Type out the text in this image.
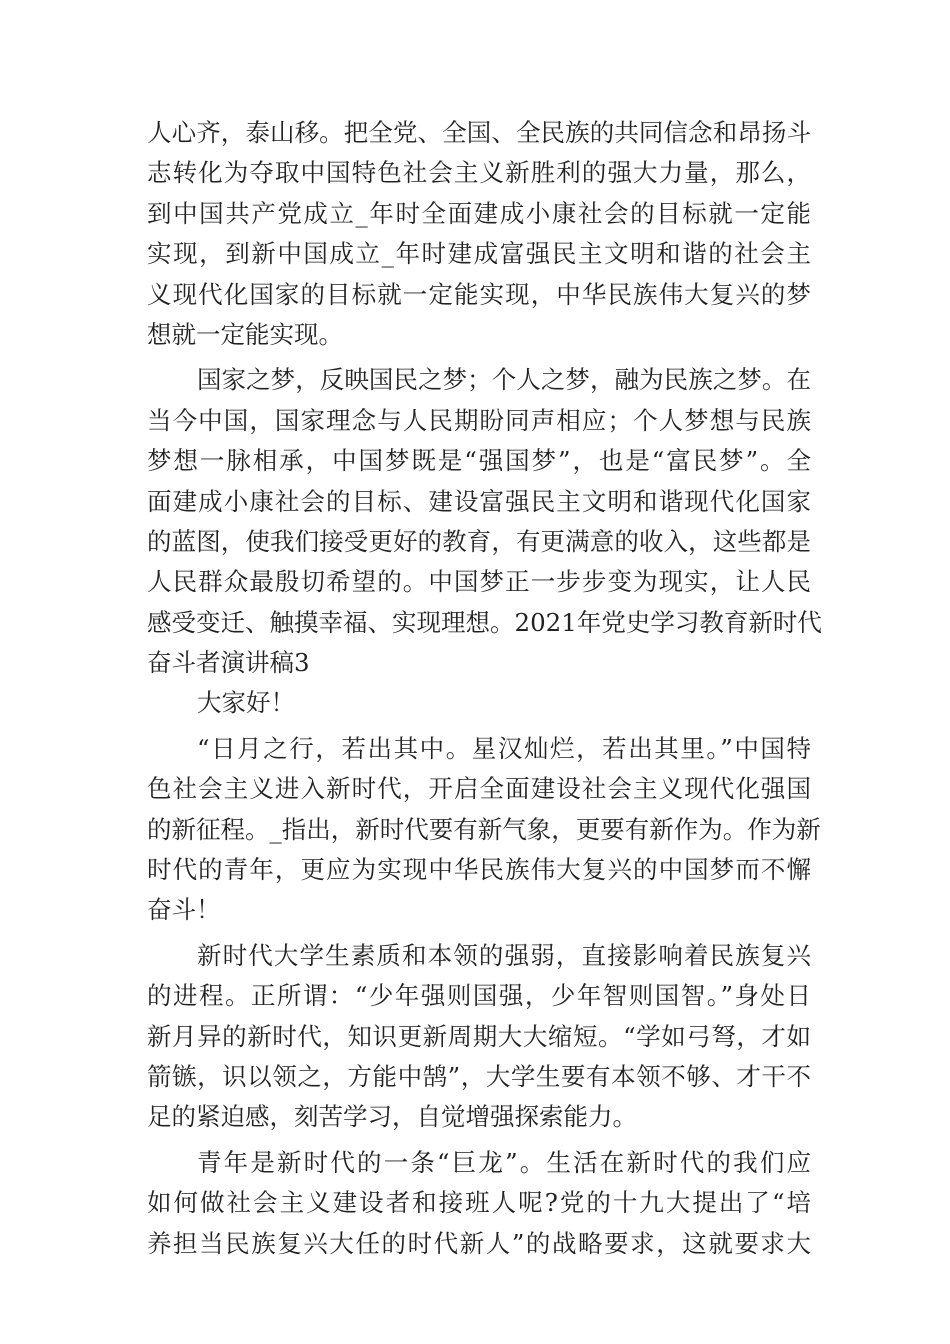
人心齐，泰山移。把全党、全国、全民族的共同信念和昂扬斗
志转化为夺取中国特色社会主义新胜利的强大力量，那么，
到中国共产党成立_年时全面建成小康社会的目标就一定能
实现，到新中国成立_年时建成富强民主文明和谐的社会主
义现代化国家的目标就一定能实现，中华民族伟大复兴的梦
想就一定能实现。
国家之梦，反映国民之梦；个人之梦，融为民族之梦。在
当今中国，国家理念与人民期盼同声相应；个人梦想与民族
梦想一脉相承，中国梦既是“强国梦”，也是“富民梦”。全
面建成小康社会的目标、建设富强民主文明和谐现代化国家
的蓝图，使我们接受更好的教育，有更满意的收入，这些都是
人民群众最殷切希望的。中国梦正一步步变为现实，让人民
感受变迁、触摸幸福、实现理想。2021年党史学习教育新时代
奋斗者演讲稿3
大家好！
“日月之行，若出其中。星汉灿烂，若出其里。”中国特
色社会主义进入新时代，开启全面建设社会主义现代化强国
的新征程。_指出，新时代要有新气象，更要有新作为。作为新
时代的青年，更应为实现中华民族伟大复兴的中国梦而不懈
奋斗！
新时代大学生素质和本领的强弱，直接影响着民族复兴
的进程。正所谓：“少年强则国强，少年智则国智。”身处日
新月异的新时代，知识更新周期大大缩短。“学如弓弩，才如
箭镞，识以领之，方能中鹄”，大学生要有本领不够、才干不
足的紧迫感，刻苦学习，自觉增强探索能力。
青年是新时代的一条“巨龙”。生活在新时代的我们应
如何做社会主义建设者和接班人呢?党的十九大提出了“培
养担当民族复兴大任的时代新人”的战略要求，这就要求大
